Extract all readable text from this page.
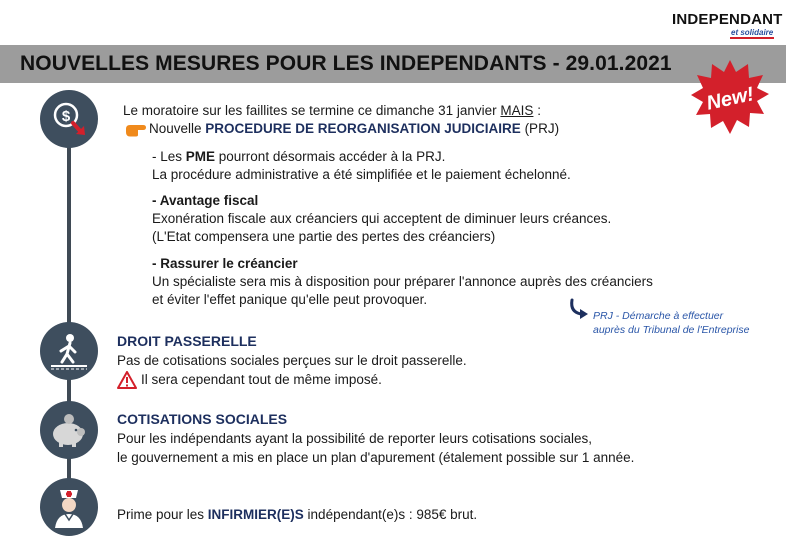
INDEPENDANT
et solidaire
NOUVELLES MESURES POUR LES INDEPENDANTS - 29.01.2021
New!
$	Le moratoire sur les faillites se termine ce dimanche 31 janvier MAIS :
Nouvelle PROCEDURE DE REORGANISATION JUDICIAIRE (PRJ)
- Les PME pourront désormais accéder à la PRJ.
La procédure administrative a été simplifiée et le paiement échelonné.
- Avantage fiscal
Exonération fiscale aux créanciers qui acceptent de diminuer leurs créances.
(L'Etat compensera une partie des pertes des créanciers)
- Rassurer le créancier
Un spécialiste sera mis à disposition pour préparer l'annonce auprès des créanciers
et éviter l'effet panique qu'elle peut provoquer.
PRJ - Démarche à effectuer
auprès du Tribunal de l'Entreprise
DROIT PASSERELLE
Pas de cotisations sociales perçues sur le droit passerelle.
Il sera cependant tout de même imposé.
COTISATIONS SOCIALES
Pour les indépendants ayant la possibilité de reporter leurs cotisations sociales,
le gouvernement a mis en place un plan d'apurement (étalement possible sur 1 année.
Prime pour les INFIRMIER(E)S indépendant(e)s : 985€ brut.
